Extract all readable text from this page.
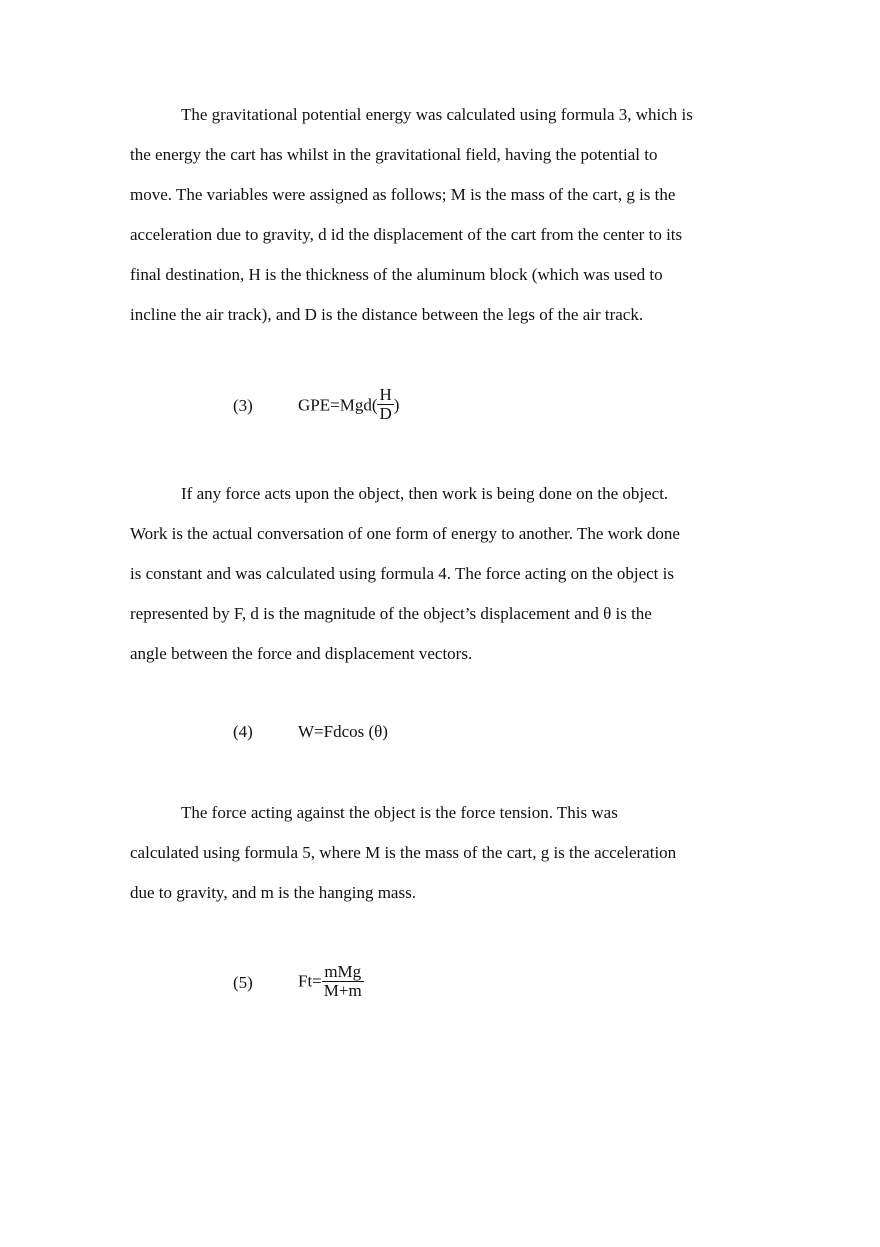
The gravitational potential energy was calculated using formula 3, which is
the energy the cart has whilst in the gravitational field, having the potential to
move. The variables were assigned as follows; M is the mass of the cart, g is the
acceleration due to gravity, d id the displacement of the cart from the center to its
final destination, H is the thickness of the aluminum block (which was used to
incline the air track), and D is the distance between the legs of the air track.

(3)	$GPE=Mgd( \frac{H}{D}$ )

If any force acts upon the object, then work is being done on the object.
Work is the actual conversation of one form of energy to another. The work done
is constant and was calculated using formula 4. The force acting on the object is
represented by F, d is the magnitude of the object’s displacement and θ is the
angle between the force and displacement vectors.

(4)	W=Fdcos (θ)

The force acting against the object is the force tension. This was
calculated using formula 5, where M is the mass of the cart, g is the acceleration
due to gravity, and m is the hanging mass.

(5)	$Ft= \frac{\text{mMg}}{M+m}$
